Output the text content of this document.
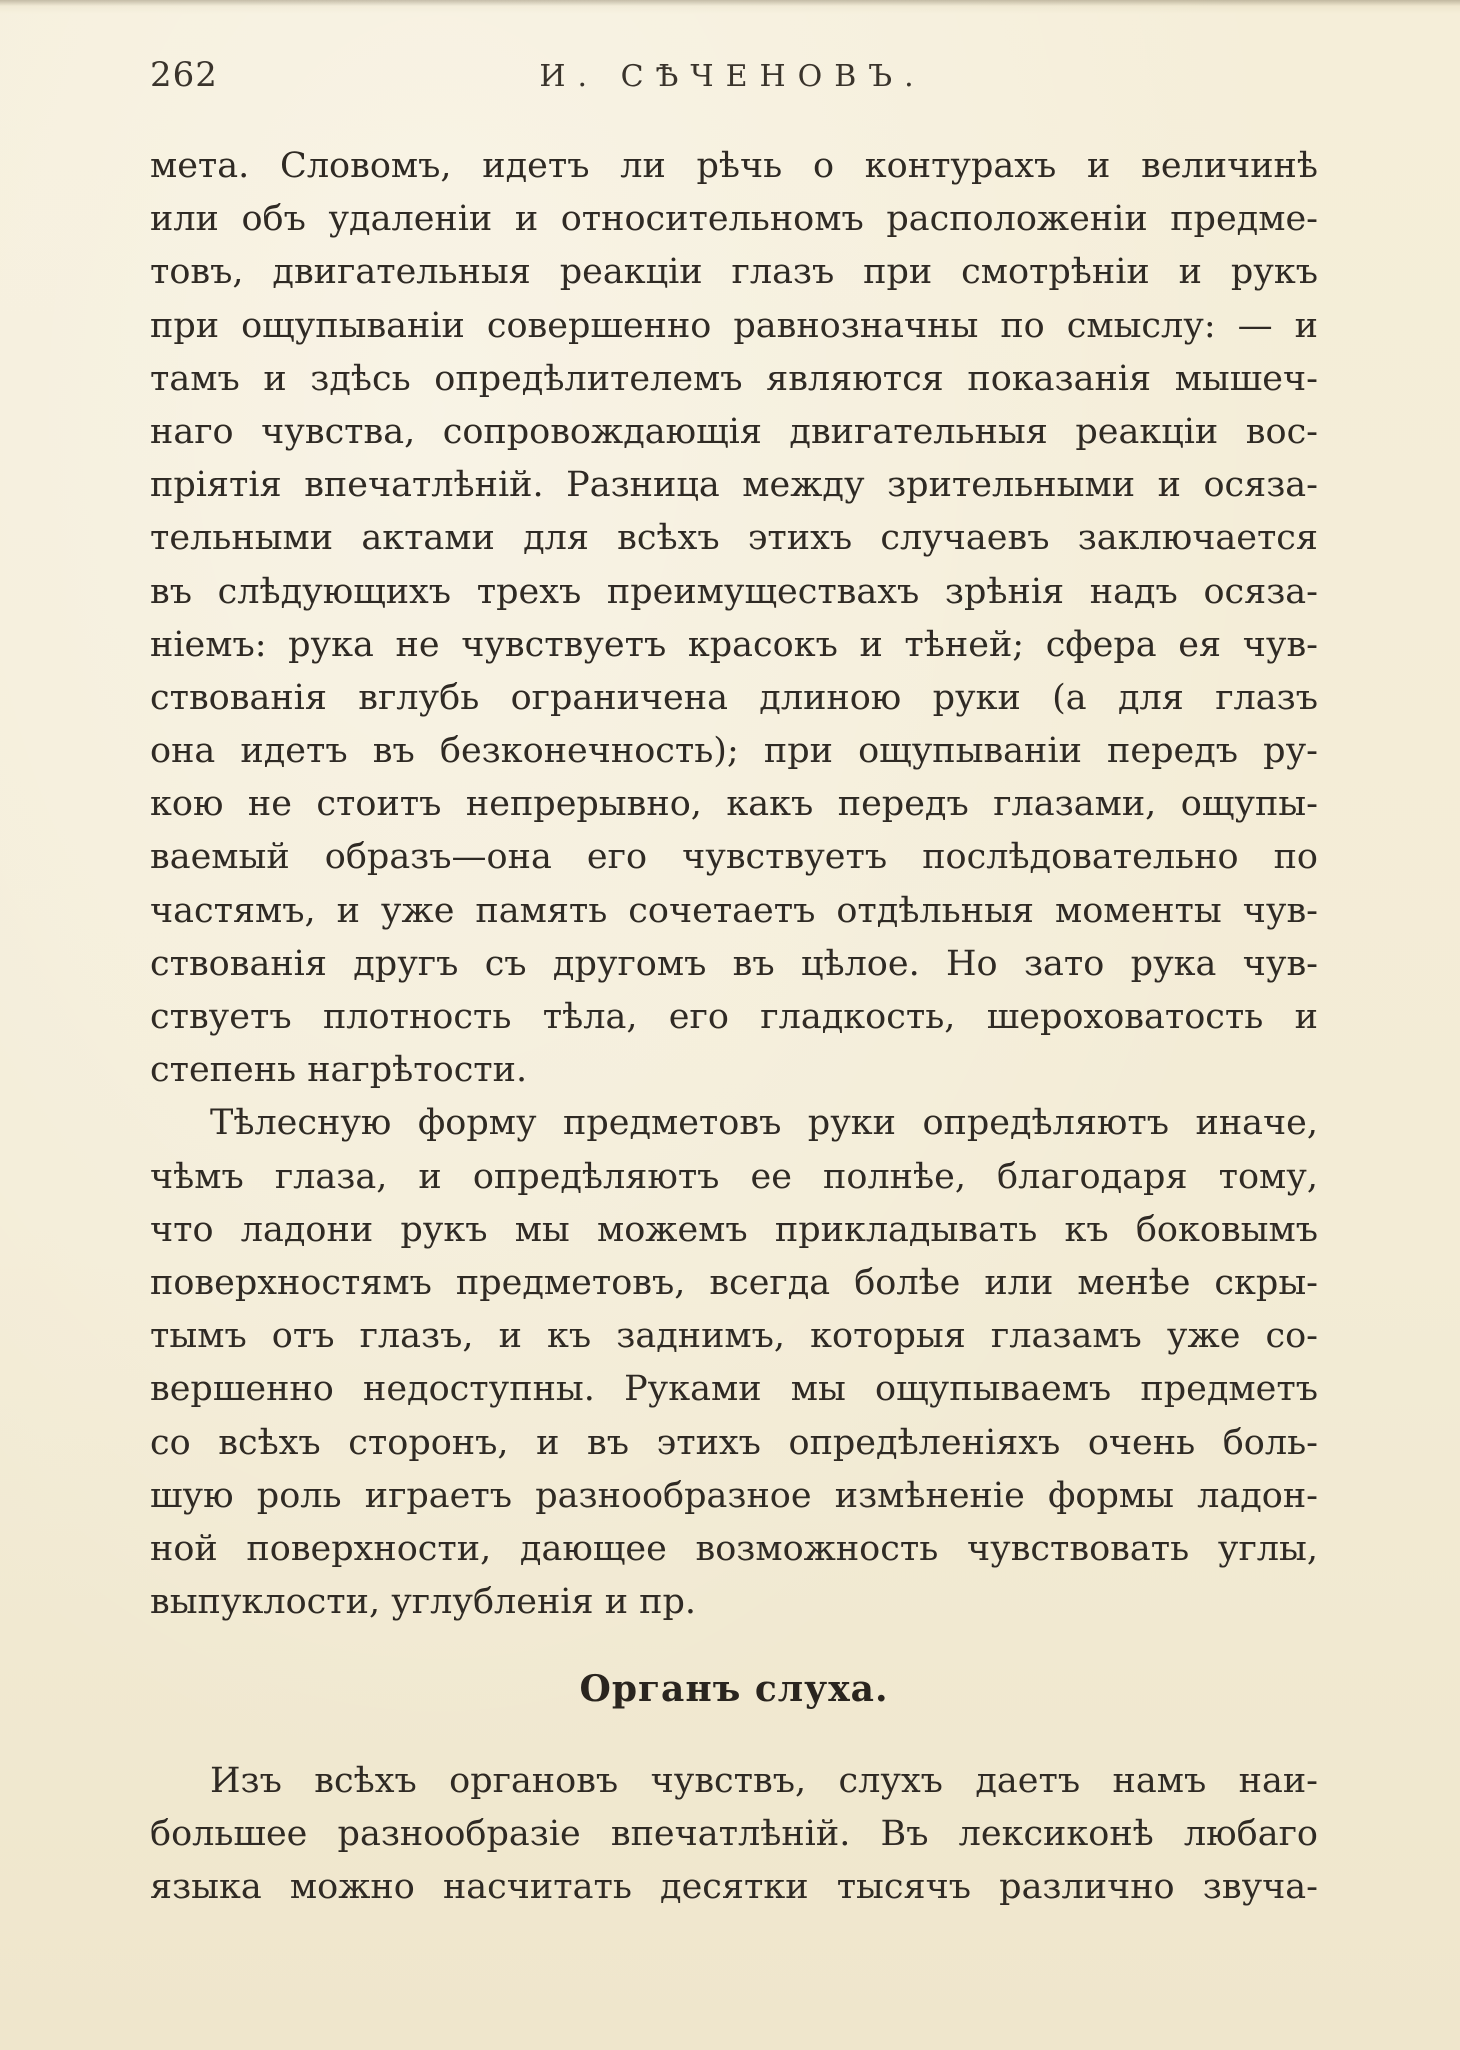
262	И. СѢЧЕНОВЪ.
мета. Словомъ, идетъ ли рѣчь о контурахъ и величинѣ
или объ удаленiи и относительномъ расположенiи предме-
товъ, двигательныя реакцiи глазъ при смотрѣнiи и рукъ
при ощупыванiи совершенно равнозначны по смыслу: — и
тамъ и здѣсь опредѣлителемъ являются показанія мышеч-
наго чувства, сопровождающія двигательныя реакцiи вос-
пріятія впечатлѣній. Разница между зрительными и осяза-
тельными актами для всѣхъ этихъ случаевъ заключается
въ слѣдующихъ трехъ преимуществахъ зрѣнія надъ осяза-
ніемъ: рука не чувствуетъ красокъ и тѣней; сфера ея чув-
ствованія вглубь ограничена длиною руки (а для глазъ
она идетъ въ безконечность); при ощупыванiи передъ ру-
кою не стоитъ непрерывно, какъ передъ глазами, ощупы-
ваемый образъ—она его чувствуетъ послѣдовательно по
частямъ, и уже память сочетаетъ отдѣльныя моменты чув-
ствованія другъ съ другомъ въ цѣлое. Но зато рука чув-
ствуетъ плотность тѣла, его гладкость, шероховатость и
степень нагрѣтости.
Тѣлесную форму предметовъ руки опредѣляютъ иначе,
чѣмъ глаза, и опредѣляютъ ее полнѣе, благодаря тому,
что ладони рукъ мы можемъ прикладывать къ боковымъ
поверхностямъ предметовъ, всегда болѣе или менѣе скры-
тымъ отъ глазъ, и къ заднимъ, которыя глазамъ уже со-
вершенно недоступны. Руками мы ощупываемъ предметъ
со всѣхъ сторонъ, и въ этихъ опредѣленіяхъ очень боль-
шую роль играетъ разнообразное измѣненіе формы ладон-
ной поверхности, дающее возможность чувствовать углы,
выпуклости, углубленія и пр.
Органъ слуха.
Изъ всѣхъ органовъ чувствъ, слухъ даетъ намъ наи-
большее разнообразіе впечатлѣній. Въ лексиконѣ любаго
языка можно насчитать десятки тысячъ различно звуча-
